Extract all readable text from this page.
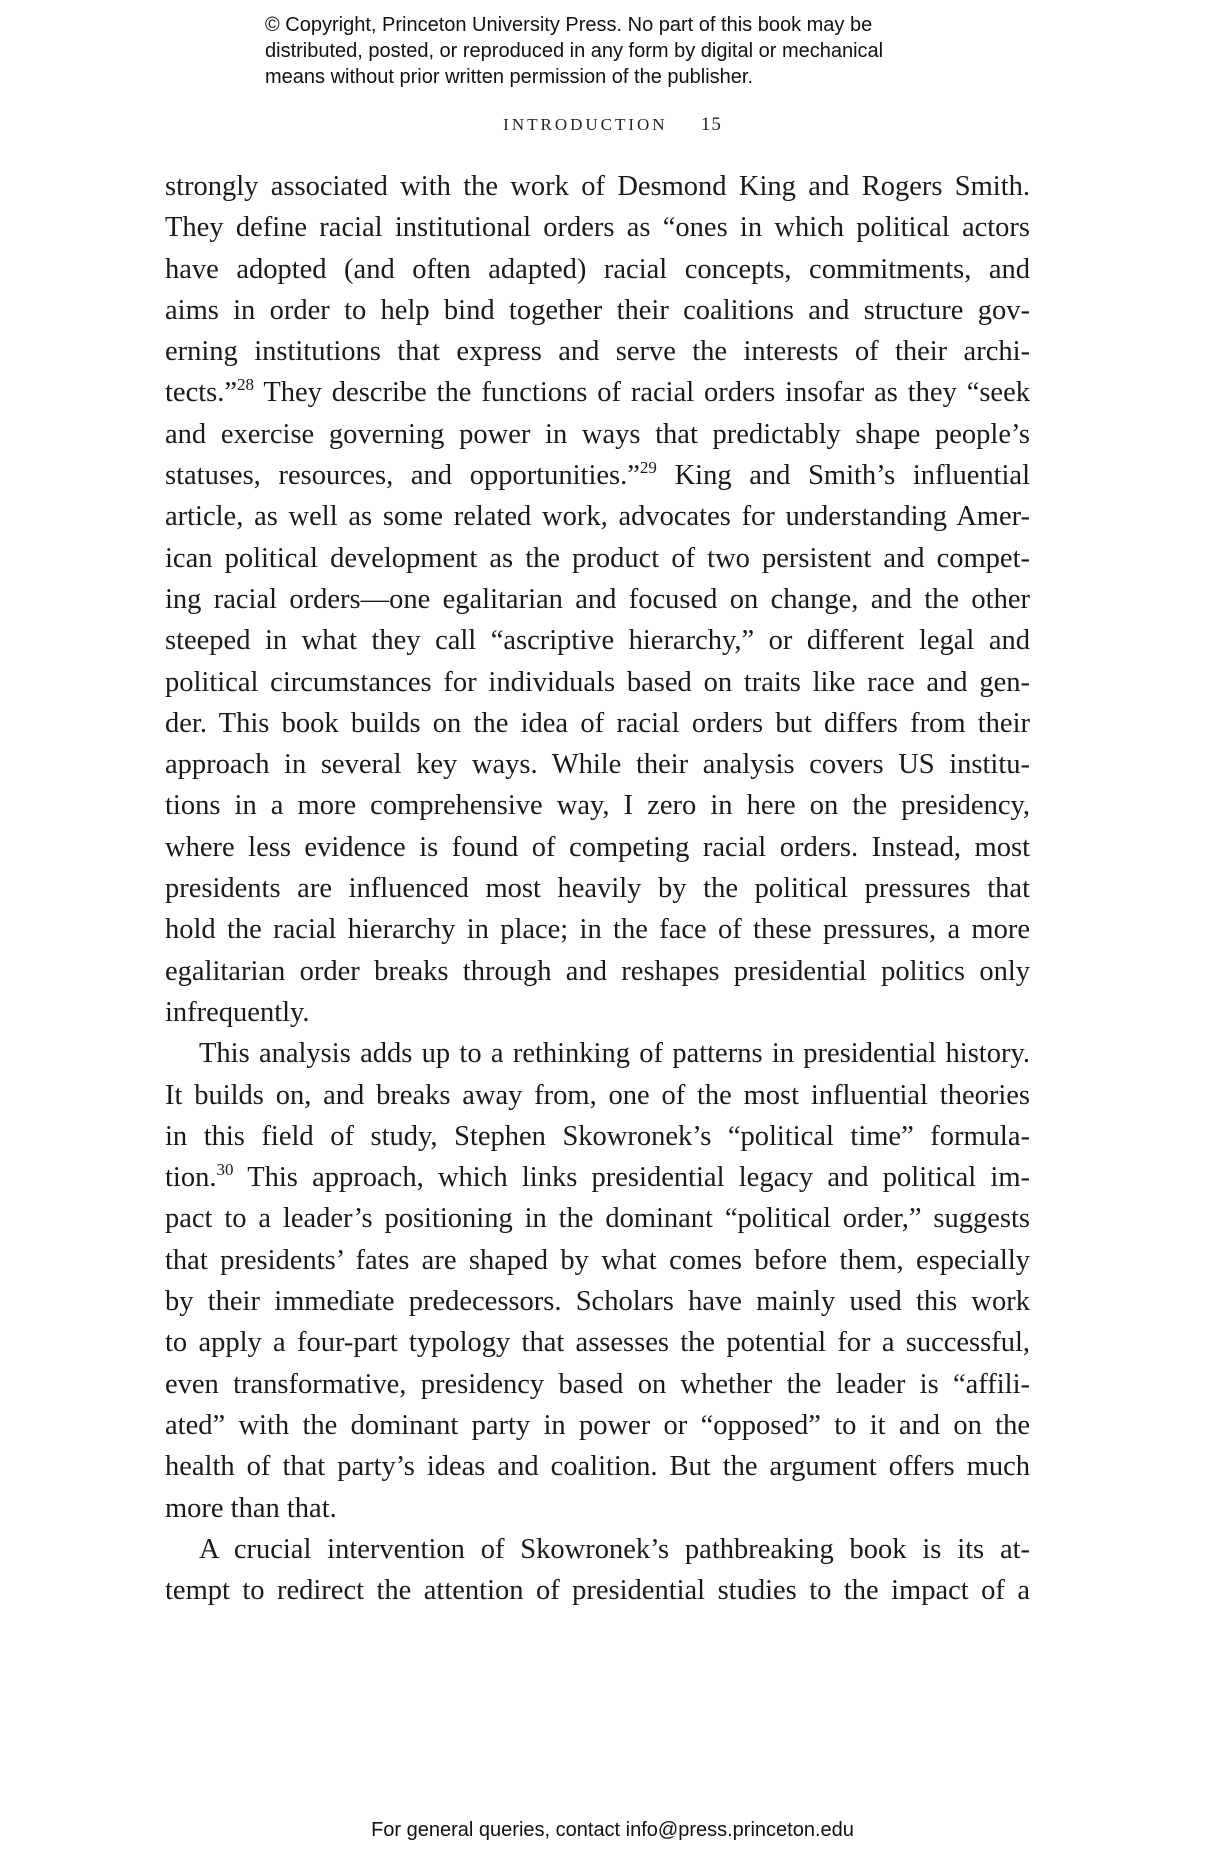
© Copyright, Princeton University Press. No part of this book may be
distributed, posted, or reproduced in any form by digital or mechanical
means without prior written permission of the publisher.
INTRODUCTION 15
strongly associated with the work of Desmond King and Rogers Smith.
They define racial institutional orders as “ones in which political actors
have adopted (and often adapted) racial concepts, commitments, and
aims in order to help bind together their coalitions and structure gov-
erning institutions that express and serve the interests of their archi-
tects.”$^{28}$ They describe the functions of racial orders insofar as they “seek
and exercise governing power in ways that predictably shape people’s
statuses, resources, and opportunities.”$^{29}$ King and Smith’s influential
article, as well as some related work, advocates for understanding Amer-
ican political development as the product of two persistent and compet-
ing racial orders—one egalitarian and focused on change, and the other
steeped in what they call “ascriptive hierarchy,” or different legal and
political circumstances for individuals based on traits like race and gen-
der. This book builds on the idea of racial orders but differs from their
approach in several key ways. While their analysis covers US institu-
tions in a more comprehensive way, I zero in here on the presidency,
where less evidence is found of competing racial orders. Instead, most
presidents are influenced most heavily by the political pressures that
hold the racial hierarchy in place; in the face of these pressures, a more
egalitarian order breaks through and reshapes presidential politics only
infrequently.
This analysis adds up to a rethinking of patterns in presidential history.
It builds on, and breaks away from, one of the most influential theories
in this field of study, Stephen Skowronek’s “political time” formula-
tion.$^{30}$ This approach, which links presidential legacy and political im-
pact to a leader’s positioning in the dominant “political order,” suggests
that presidents’ fates are shaped by what comes before them, especially
by their immediate predecessors. Scholars have mainly used this work
to apply a four-part typology that assesses the potential for a successful,
even transformative, presidency based on whether the leader is “affili-
ated” with the dominant party in power or “opposed” to it and on the
health of that party’s ideas and coalition. But the argument offers much
more than that.
A crucial intervention of Skowronek’s pathbreaking book is its at-
tempt to redirect the attention of presidential studies to the impact of a
For general queries, contact info@press.princeton.edu
